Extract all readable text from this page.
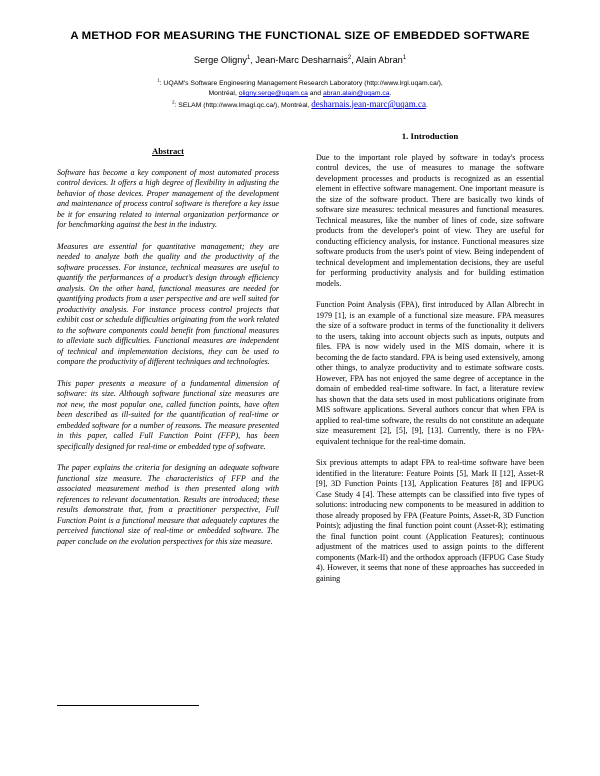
A METHOD FOR MEASURING THE FUNCTIONAL SIZE OF EMBEDDED SOFTWARE
Serge Oligny$^1$, Jean-Marc Desharnais$^2$, Alain Abran$^1$
$^1$: UQAM's Software Engineering Management Research Laboratory (http://www.lrgl.uqam.ca/),
Montréal, oligny.serge@uqam.ca and abran.alain@uqam.ca.
$^2$: SELAM (http://www.lmagl.qc.ca/), Montréal, desharnais.jean-marc@uqam.ca.
Abstract

Software has become a key component of most automated process control devices. It offers a high degree of flexibility in adjusting the behavior of those devices. Proper management of the development and maintenance of process control software is therefore a key issue be it for ensuring related to internal organization performance or for benchmarking against the best in the industry.

Measures are essential for quantitative management; they are needed to analyze both the quality and the productivity of the software processes. For instance, technical measures are useful to quantify the performances of a product’s design through efficiency analysis. On the other hand, functional measures are needed for quantifying products from a user perspective and are well suited for productivity analysis. For instance process control projects that exhibit cost or schedule difficulties originating from the work related to the software components could benefit from functional measures to alleviate such difficulties. Functional measures are independent of technical and implementation decisions, they can be used to compare the productivity of different techniques and technologies.

This paper presents a measure of a fundamental dimension of software: its size. Although software functional size measures are not new, the most popular one, called function points, have often been described as ill-suited for the quantification of real-time or embedded software for a number of reasons. The measure presented in this paper, called Full Function Point (FFP), has been specifically designed for real-time or embedded type of software.

The paper explains the criteria for designing an adequate software functional size measure. The characteristics of FFP and the associated measurement method is then presented along with references to relevant documentation. Results are introduced; these results demonstrate that, from a practitioner perspective, Full Function Point is a functional measure that adequately captures the perceived functional size of real-time or embedded software. The paper conclude on the evolution perspectives for this size measure.

1. Introduction

Due to the important role played by software in today's process control devices, the use of measures to manage the software development processes and products is recognized as an essential element in effective software management. One important measure is the size of the software product. There are basically two kinds of software size measures: technical measures and functional measures. Technical measures, like the number of lines of code, size software products from the developer's point of view. They are useful for conducting efficiency analysis, for instance. Functional measures size software products from the user's point of view. Being independent of technical development and implementation decisions, they are useful for performing productivity analysis and for building estimation models.

Function Point Analysis (FPA), first introduced by Allan Albrecht in 1979 [1], is an example of a functional size measure. FPA measures the size of a software product in terms of the functionality it delivers to the users, taking into account objects such as inputs, outputs and files. FPA is now widely used in the MIS domain, where it is becoming the de facto standard. FPA is being used extensively, among other things, to analyze productivity and to estimate software costs. However, FPA has not enjoyed the same degree of acceptance in the domain of embedded real-time software. In fact, a literature review has shown that the data sets used in most publications originate from MIS software applications. Several authors concur that when FPA is applied to real-time software, the results do not constitute an adequate size measurement [2], [5], [9], [13]. Currently, there is no FPA-equivalent technique for the real-time domain.

Six previous attempts to adapt FPA to real-time software have been identified in the literature: Feature Points [5], Mark II [12], Asset-R [9], 3D Function Points [13], Application Features [8] and IFPUG Case Study 4 [4]. These attempts can be classified into five types of solutions: introducing new components to be measured in addition to those already proposed by FPA (Feature Points, Asset-R, 3D Function Points); adjusting the final function point count (Asset-R); estimating the final function point count (Application Features); continuous adjustment of the matrices used to assign points to the different components (Mark-II) and the orthodox approach (IFPUG Case Study 4). However, it seems that none of these approaches has succeeded in gaining
